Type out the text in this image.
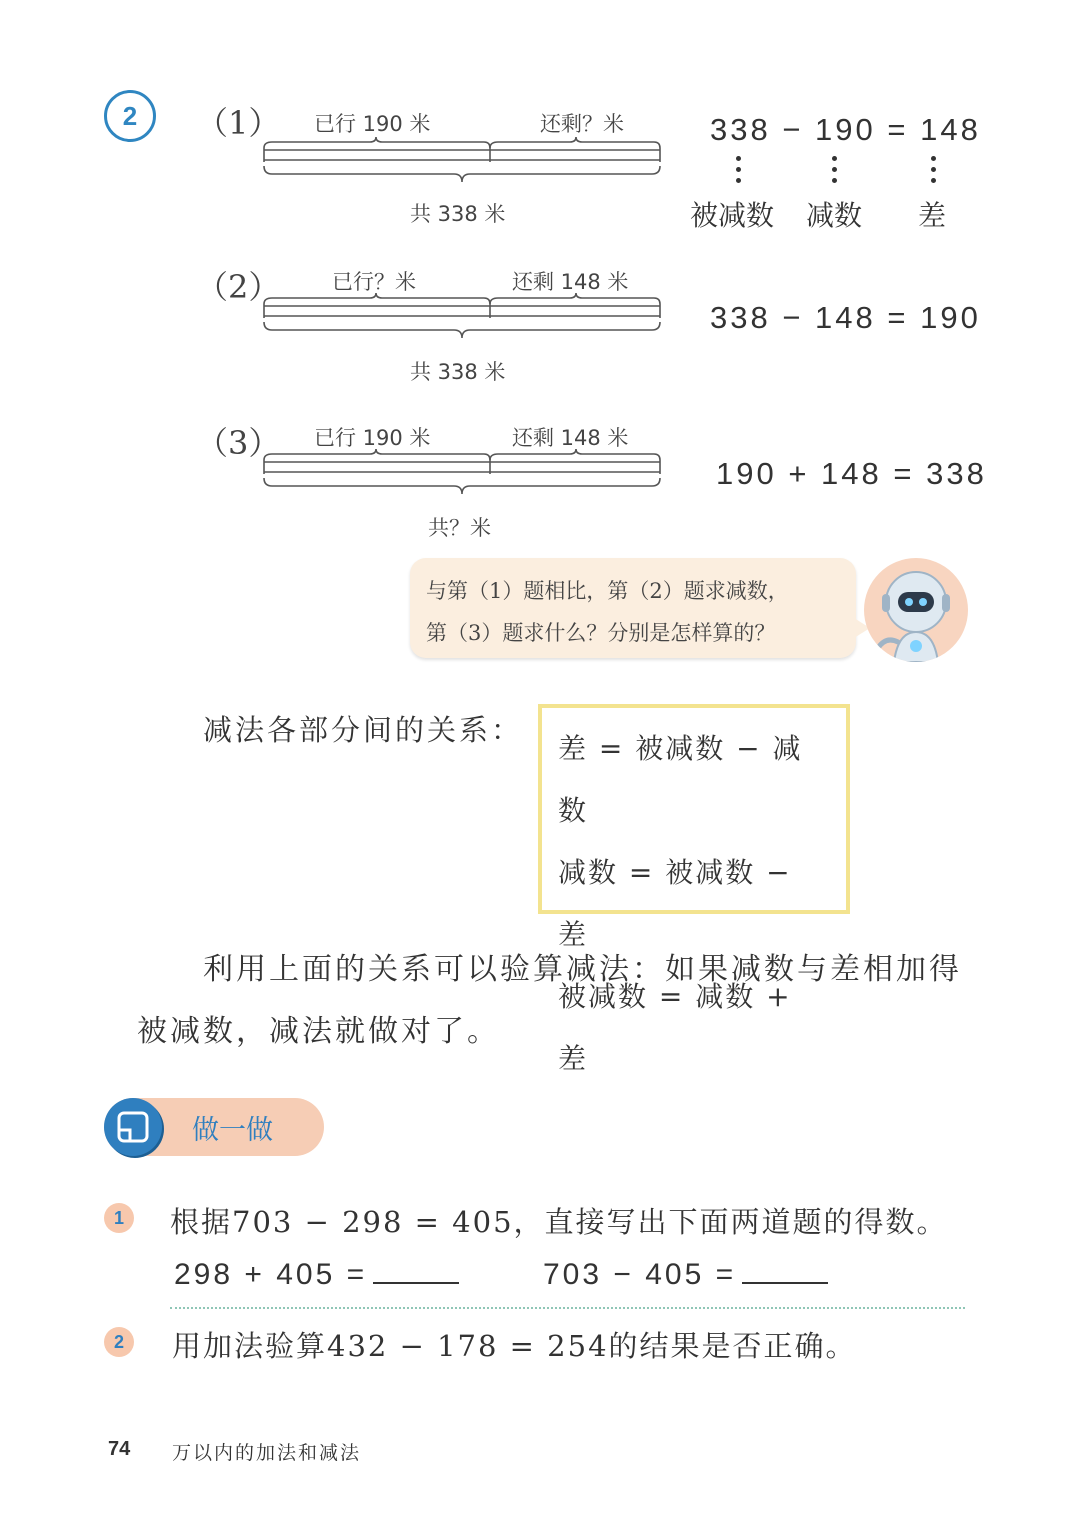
2	（1） 已行 190 米	还剩？米
共 338 米
338 − 190 = 148
被减数 减数 差
（2） 已行？米	还剩 148 米
共 338 米
338 − 148 = 190
（3） 已行 190 米	还剩 148 米
共？米
190 + 148 = 338
与第（1）题相比，第（2）题求减数，
第（3）题求什么？分别是怎样算的？
减法各部分间的关系：
差 = 被减数 − 减数
减数 = 被减数 − 差
被减数 = 减数 + 差
利用上面的关系可以验算减法：如果减数与差相加得
被减数，减法就做对了。
做一做
1	根据703 − 298 = 405，直接写出下面两道题的得数。
298 + 405 =	703 − 405 =
2	用加法验算432 − 178 = 254的结果是否正确。
74 万以内的加法和减法
